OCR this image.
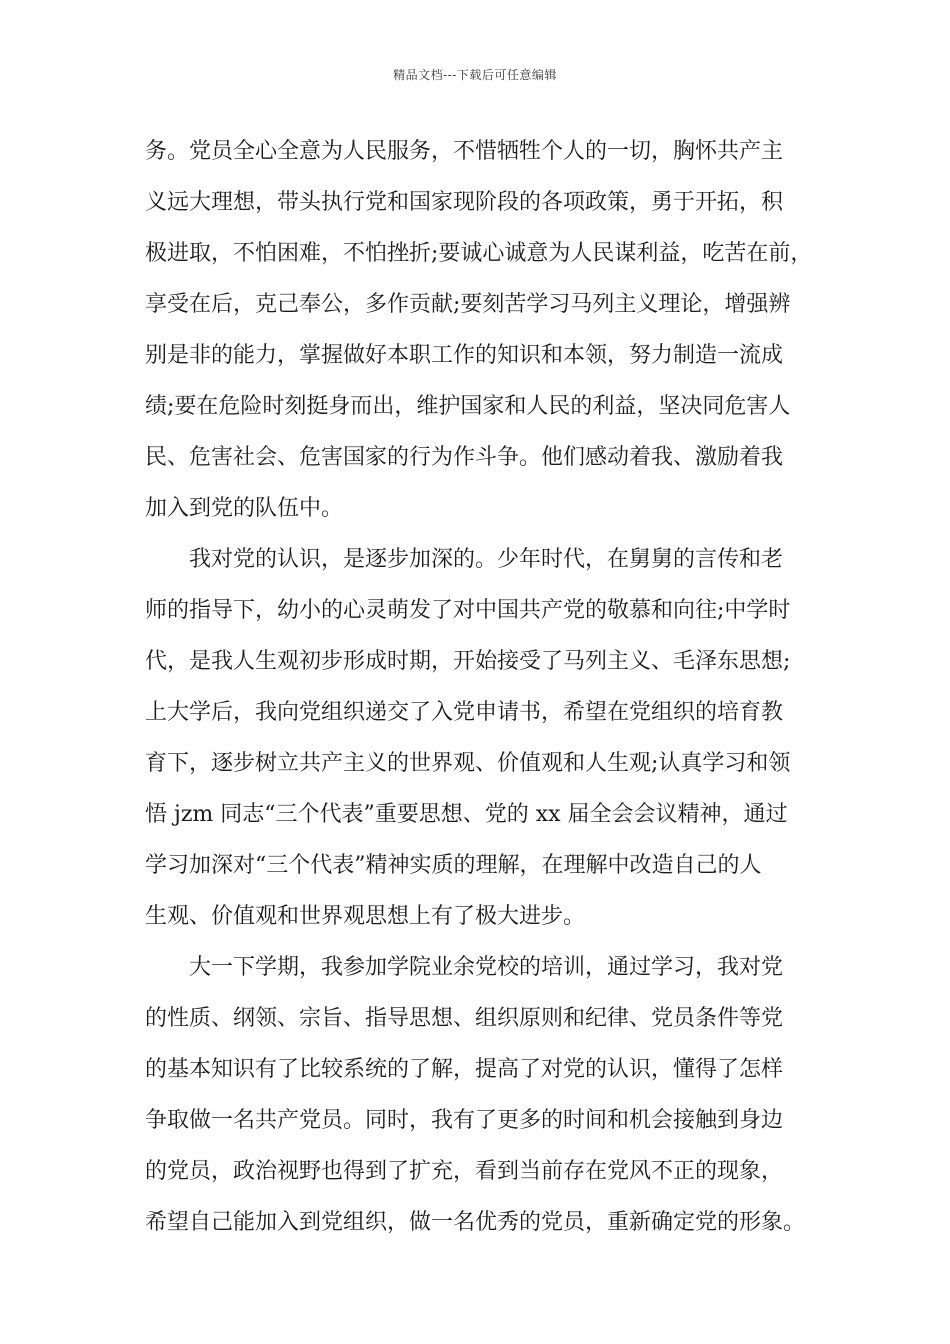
精品文档---下载后可任意编辑
务。党员全心全意为人民服务，不惜牺牲个人的一切，胸怀共产主
义远大理想，带头执行党和国家现阶段的各项政策，勇于开拓，积
极进取，不怕困难，不怕挫折;要诚心诚意为人民谋利益，吃苦在前，
享受在后，克己奉公，多作贡献;要刻苦学习马列主义理论，增强辨
别是非的能力，掌握做好本职工作的知识和本领，努力制造一流成
绩;要在危险时刻挺身而出，维护国家和人民的利益，坚决同危害人
民、危害社会、危害国家的行为作斗争。他们感动着我、激励着我
加入到党的队伍中。
我对党的认识，是逐步加深的。少年时代，在舅舅的言传和老
师的指导下，幼小的心灵萌发了对中国共产党的敬慕和向往;中学时
代，是我人生观初步形成时期，开始接受了马列主义、毛泽东思想;
上大学后，我向党组织递交了入党申请书，希望在党组织的培育教
育下，逐步树立共产主义的世界观、价值观和人生观;认真学习和领
悟 jzm 同志“三个代表”重要思想、党的 xx 届全会会议精神，通过
学习加深对“三个代表”精神实质的理解，在理解中改造自己的人
生观、价值观和世界观思想上有了极大进步。
大一下学期，我参加学院业余党校的培训，通过学习，我对党
的性质、纲领、宗旨、指导思想、组织原则和纪律、党员条件等党
的基本知识有了比较系统的了解，提高了对党的认识，懂得了怎样
争取做一名共产党员。同时，我有了更多的时间和机会接触到身边
的党员，政治视野也得到了扩充，看到当前存在党风不正的现象，
希望自己能加入到党组织，做一名优秀的党员，重新确定党的形象。
